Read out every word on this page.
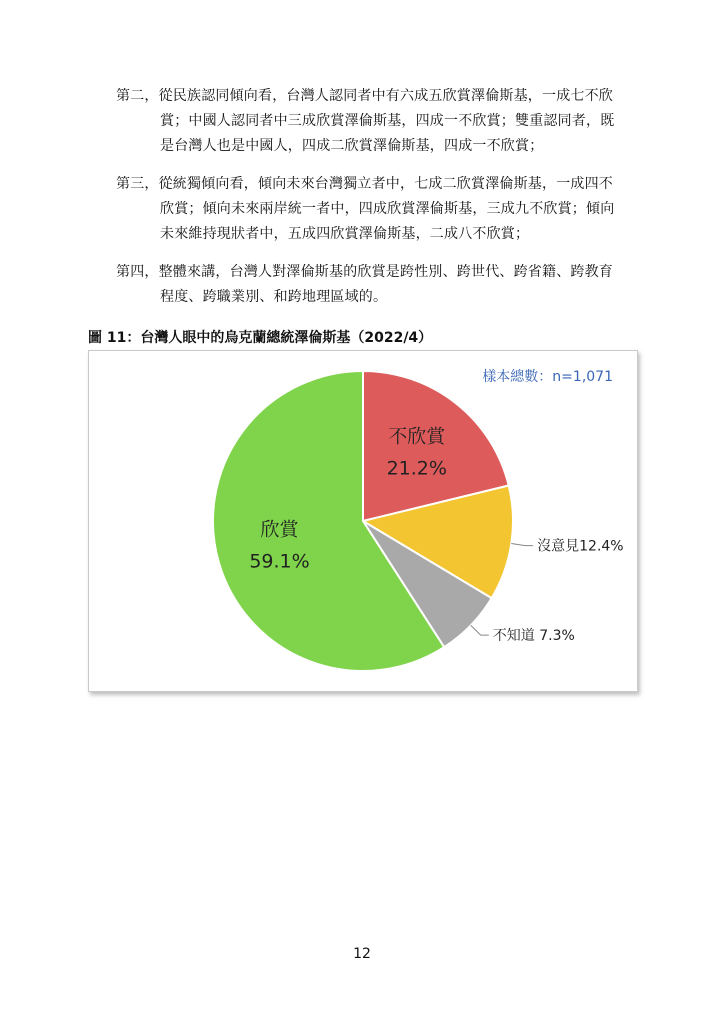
第二，從民族認同傾向看，台灣人認同者中有六成五欣賞澤倫斯基，一成七不欣
賞；中國人認同者中三成欣賞澤倫斯基，四成一不欣賞；雙重認同者，既
是台灣人也是中國人，四成二欣賞澤倫斯基，四成一不欣賞；
第三，從統獨傾向看，傾向未來台灣獨立者中，七成二欣賞澤倫斯基，一成四不
欣賞；傾向未來兩岸統一者中，四成欣賞澤倫斯基，三成九不欣賞；傾向
未來維持現狀者中，五成四欣賞澤倫斯基，二成八不欣賞；
第四，整體來講，台灣人對澤倫斯基的欣賞是跨性別、跨世代、跨省籍、跨教育
程度、跨職業別、和跨地理區域的。
圖 11：台灣人眼中的烏克蘭總統澤倫斯基（2022/4）
樣本總數：n=1,071
不欣賞
21.2%
沒意見12.4%
不知道 7.3%
欣賞
59.1%
12
